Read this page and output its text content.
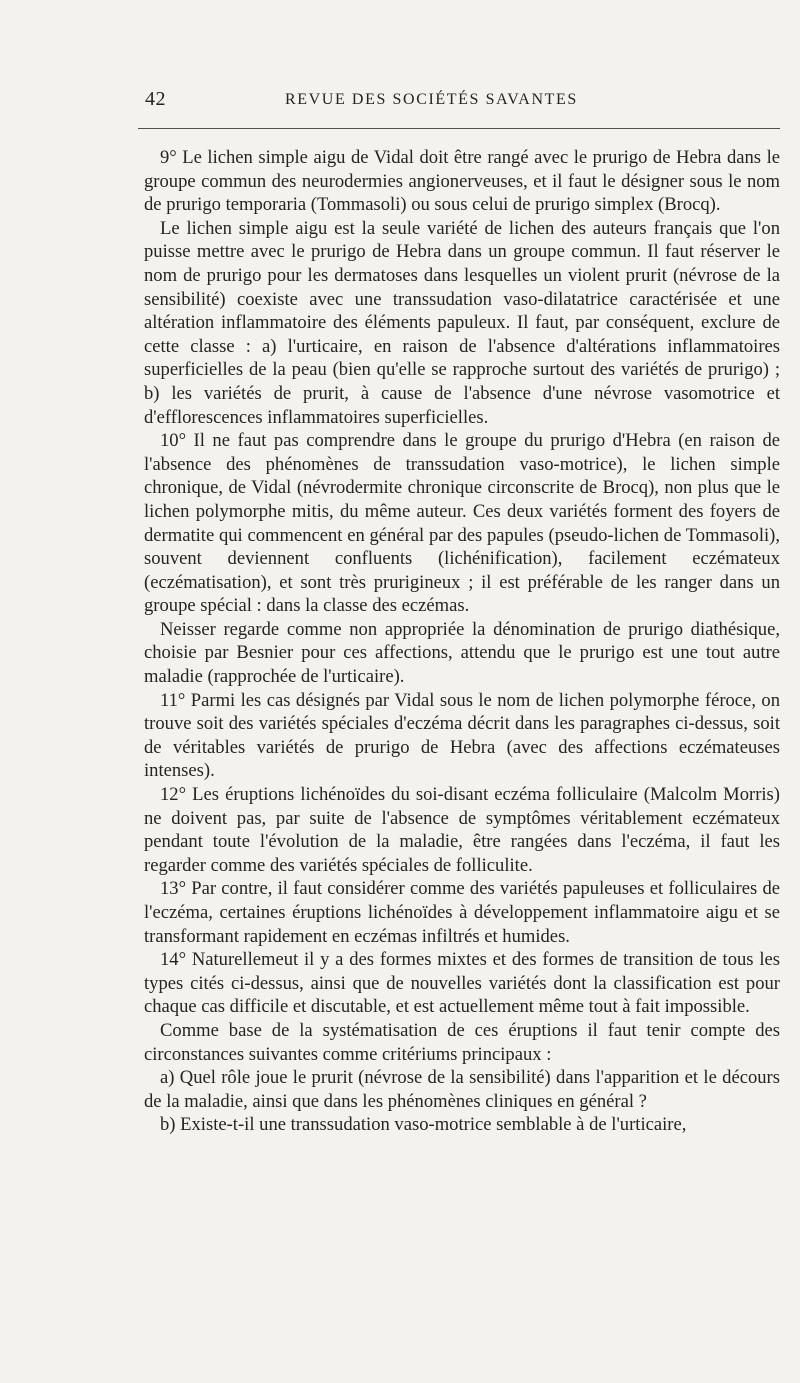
42	REVUE DES SOCIÉTÉS SAVANTES

9° Le lichen simple aigu de Vidal doit être rangé avec le prurigo de Hebra dans le groupe commun des neurodermies angionerveuses, et il faut le désigner sous le nom de prurigo temporaria (Tommasoli) ou sous celui de prurigo simplex (Brocq).

Le lichen simple aigu est la seule variété de lichen des auteurs français que l'on puisse mettre avec le prurigo de Hebra dans un groupe commun. Il faut réserver le nom de prurigo pour les dermatoses dans lesquelles un violent prurit (névrose de la sensibilité) coexiste avec une transsudation vaso-dilatatrice caractérisée et une altération inflammatoire des éléments papuleux. Il faut, par conséquent, exclure de cette classe : a) l'urticaire, en raison de l'absence d'altérations inflammatoires superficielles de la peau (bien qu'elle se rapproche surtout des variétés de prurigo) ; b) les variétés de prurit, à cause de l'absence d'une névrose vasomotrice et d'efflorescences inflammatoires superficielles.

10° Il ne faut pas comprendre dans le groupe du prurigo d'Hebra (en raison de l'absence des phénomènes de transsudation vaso-motrice), le lichen simple chronique, de Vidal (névrodermite chronique circonscrite de Brocq), non plus que le lichen polymorphe mitis, du même auteur. Ces deux variétés forment des foyers de dermatite qui commencent en général par des papules (pseudo-lichen de Tommasoli), souvent deviennent confluents (lichénification), facilement eczémateux (eczématisation), et sont très prurigineux ; il est préférable de les ranger dans un groupe spécial : dans la classe des eczémas.

Neisser regarde comme non appropriée la dénomination de prurigo diathésique, choisie par Besnier pour ces affections, attendu que le prurigo est une tout autre maladie (rapprochée de l'urticaire).

11° Parmi les cas désignés par Vidal sous le nom de lichen polymorphe féroce, on trouve soit des variétés spéciales d'eczéma décrit dans les paragraphes ci-dessus, soit de véritables variétés de prurigo de Hebra (avec des affections eczémateuses intenses).

12° Les éruptions lichénoïdes du soi-disant eczéma folliculaire (Malcolm Morris) ne doivent pas, par suite de l'absence de symptômes véritablement eczémateux pendant toute l'évolution de la maladie, être rangées dans l'eczéma, il faut les regarder comme des variétés spéciales de folliculite.

13° Par contre, il faut considérer comme des variétés papuleuses et folliculaires de l'eczéma, certaines éruptions lichénoïdes à développement inflammatoire aigu et se transformant rapidement en eczémas infiltrés et humides.

14° Naturellemeut il y a des formes mixtes et des formes de transition de tous les types cités ci-dessus, ainsi que de nouvelles variétés dont la classification est pour chaque cas difficile et discutable, et est actuellement même tout à fait impossible.

Comme base de la systématisation de ces éruptions il faut tenir compte des circonstances suivantes comme critériums principaux :

a) Quel rôle joue le prurit (névrose de la sensibilité) dans l'apparition et le décours de la maladie, ainsi que dans les phénomènes cliniques en général ?

b) Existe-t-il une transsudation vaso-motrice semblable à de l'urticaire,
